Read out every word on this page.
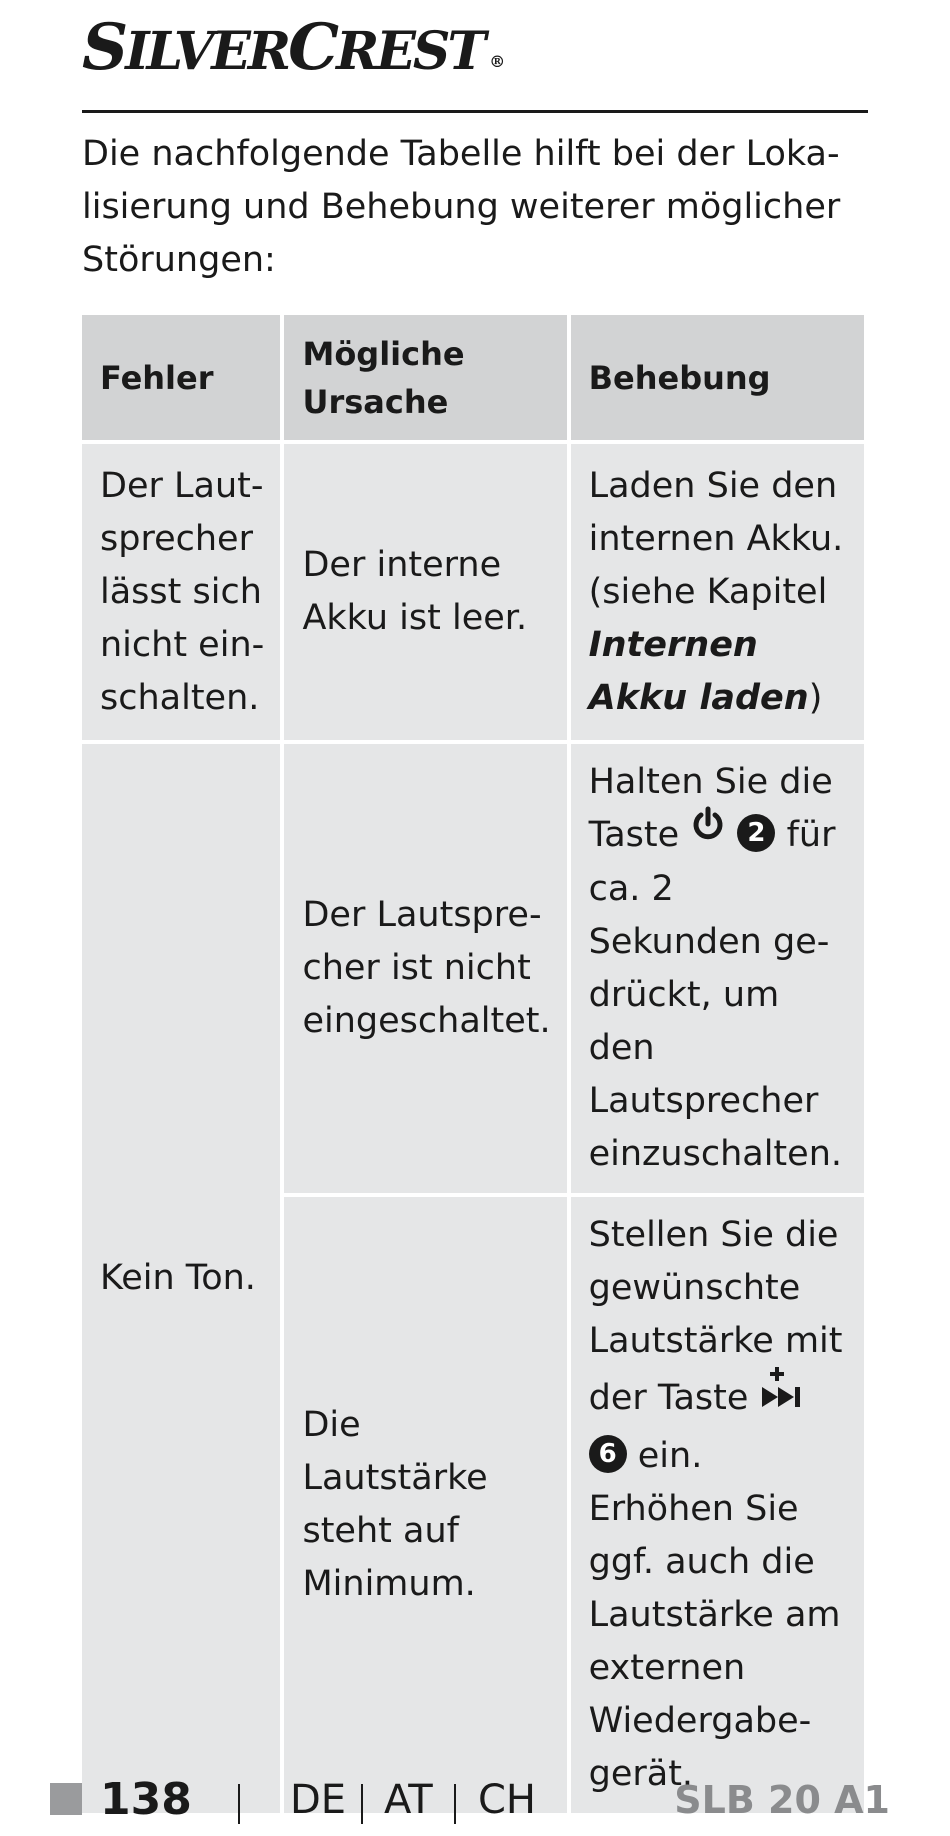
SILVERCREST ®
Die nachfolgende Tabelle hilft bei der Lokalisierung und Behebung weiterer möglicher Störungen:
Fehler	Mögliche Ursache	Behebung
Der Lautsprecher lässt sich nicht einschalten.	Der interne Akku ist leer.	Laden Sie den internen Akku. (siehe Kapitel Internen Akku laden)
Kein Ton.	Der Lautsprecher ist nicht eingeschaltet.	Halten Sie die Taste 2 für ca. 2 Sekunden gedrückt, um den Lautsprecher einzuschalten.
	Die Lautstärke steht auf Minimum.	Stellen Sie die gewünschte Lautstärke mit der Taste  6 ein. Erhöhen Sie ggf. auch die Lautstärke am externen Wiedergabegerät.
138 DE AT CH	SLB 20 A1
